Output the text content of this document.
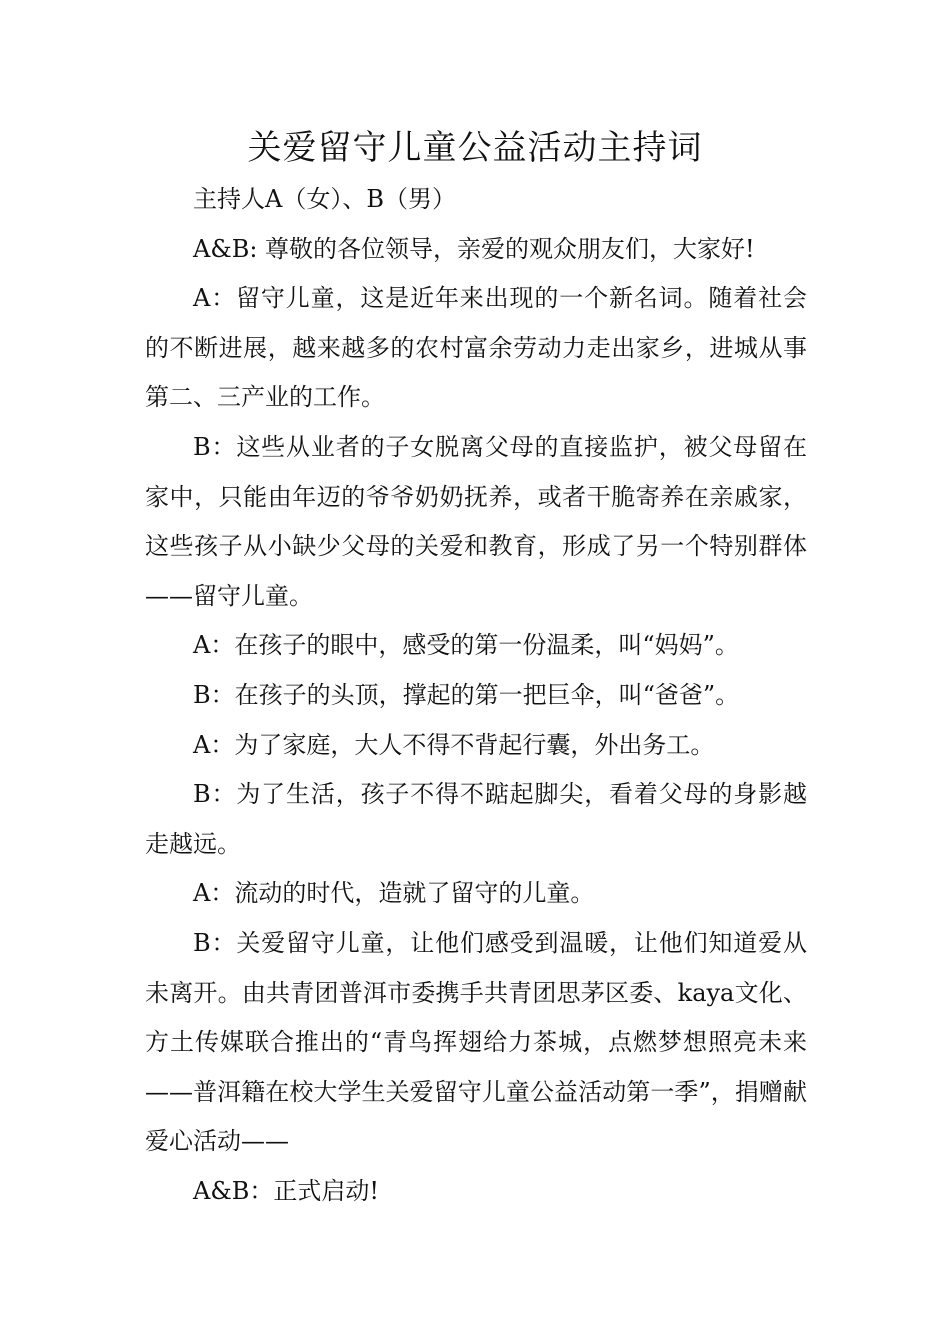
关爱留守儿童公益活动主持词

主持人A（女）、B（男）

A&B: 尊敬的各位领导，亲爱的观众朋友们，大家好!

A：留守儿童，这是近年来出现的一个新名词。随着社会的不断进展，越来越多的农村富余劳动力走出家乡，进城从事第二、三产业的工作。

B：这些从业者的子女脱离父母的直接监护，被父母留在家中，只能由年迈的爷爷奶奶抚养，或者干脆寄养在亲戚家，这些孩子从小缺少父母的关爱和教育，形成了另一个特别群体——留守儿童。

A：在孩子的眼中，感受的第一份温柔，叫“妈妈”。

B：在孩子的头顶，撑起的第一把巨伞，叫“爸爸”。

A：为了家庭，大人不得不背起行囊，外出务工。

B：为了生活，孩子不得不踮起脚尖，看着父母的身影越走越远。

A：流动的时代，造就了留守的儿童。

B：关爱留守儿童，让他们感受到温暖，让他们知道爱从未离开。由共青团普洱市委携手共青团思茅区委、kaya文化、方土传媒联合推出的“青鸟挥翅给力茶城，点燃梦想照亮未来——普洱籍在校大学生关爱留守儿童公益活动第一季”，捐赠献爱心活动——

A&B：正式启动!
